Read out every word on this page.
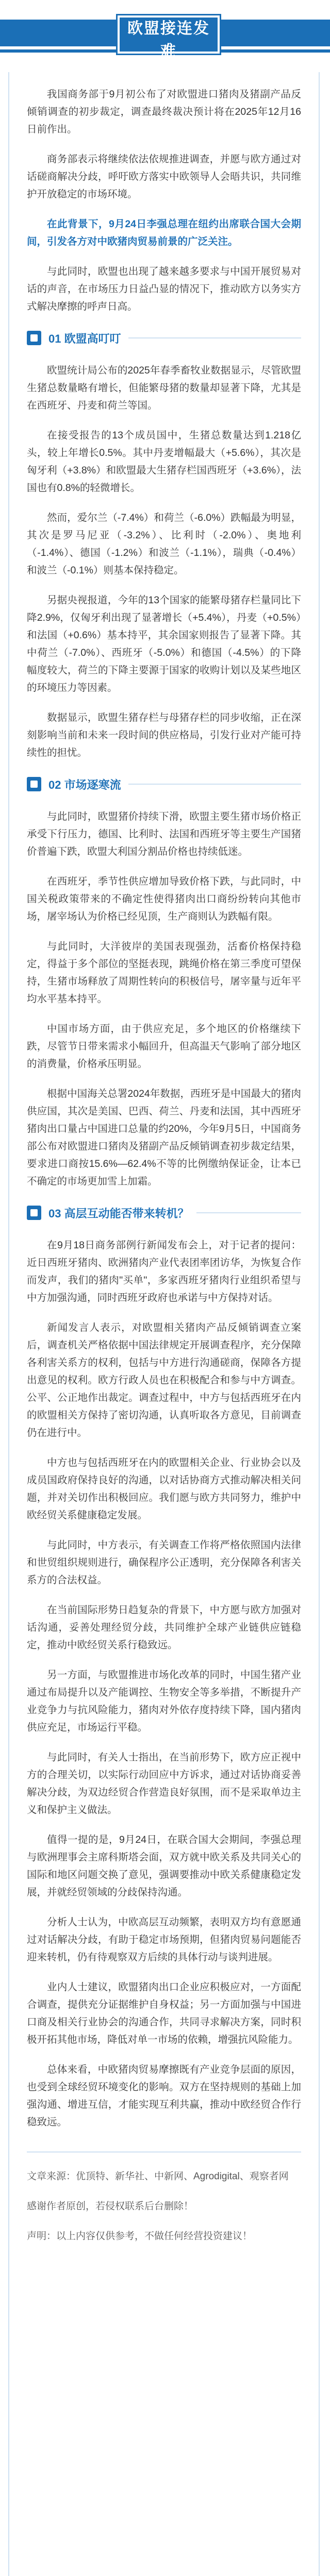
欧盟接连发难
AROUND THE

我国商务部于9月初公布了对欧盟进口猪肉及猪副产品反倾销调查的初步裁定，调查最终裁决预计将在2025年12月16日前作出。

商务部表示将继续依法依规推进调查，并愿与欧方通过对话磋商解决分歧，呼吁欧方落实中欧领导人会晤共识，共同维护开放稳定的市场环境。

在此背景下，9月24日李强总理在纽约出席联合国大会期间，引发各方对中欧猪肉贸易前景的广泛关注。

与此同时，欧盟也出现了越来越多要求与中国开展贸易对话的声音，在市场压力日益凸显的情况下，推动欧方以务实方式解决摩擦的呼声日高。

01 欧盟高叮叮

欧盟统计局公布的2025年春季畜牧业数据显示，尽管欧盟生猪总数量略有增长，但能繁母猪的数量却显著下降，尤其是在西班牙、丹麦和荷兰等国。

在接受报告的13个成员国中，生猪总数量达到1.218亿头，较上年增长0.5%。其中丹麦增幅最大（+5.6%），其次是匈牙利（+3.8%）和欧盟最大生猪存栏国西班牙（+3.6%），法国也有0.8%的轻微增长。

然而，爱尔兰（-7.4%）和荷兰（-6.0%）跌幅最为明显，其次是罗马尼亚（-3.2%）、比利时（-2.0%）、奥地利（-1.4%）、德国（-1.2%）和波兰（-1.1%），瑞典（-0.4%）和波兰（-0.1%）则基本保持稳定。

另据央视报道，今年的13个国家的能繁母猪存栏量同比下降2.9%，仅匈牙利出现了显著增长（+5.4%），丹麦（+0.5%）和法国（+0.6%）基本持平，其余国家则报告了显著下降。其中荷兰（-7.0%）、西班牙（-5.0%）和德国（-4.5%）的下降幅度较大，荷兰的下降主要源于国家的收购计划以及某些地区的环境压力等因素。

数据显示，欧盟生猪存栏与母猪存栏的同步收缩，正在深刻影响当前和未来一段时间的供应格局，引发行业对产能可持续性的担忧。

02 市场逐寒流

与此同时，欧盟猪价持续下滑，欧盟主要生猪市场价格正承受下行压力，德国、比利时、法国和西班牙等主要生产国猪价普遍下跌，欧盟大利国分割品价格也持续低迷。

在西班牙，季节性供应增加导致价格下跌，与此同时，中国关税政策带来的不确定性使得猪肉出口商纷纷转向其他市场，屠宰场认为价格已经见顶，生产商则认为跌幅有限。

与此同时，大洋彼岸的美国表现强劲，活畜价格保持稳定，得益于多个部位的坚挺表现，跳绳价格在第三季度可望保持，生猪市场释放了周期性转向的积极信号，屠宰量与近年平均水平基本持平。

中国市场方面，由于供应充足，多个地区的价格继续下跌，尽管节日带来需求小幅回升，但高温天气影响了部分地区的消费量，价格承压明显。

根据中国海关总署2024年数据，西班牙是中国最大的猪肉供应国，其次是美国、巴西、荷兰、丹麦和法国，其中西班牙猪肉出口量占中国进口总量的约20%，今年9月5日，中国商务部公布对欧盟进口猪肉及猪副产品反倾销调查初步裁定结果，要求进口商按15.6%—62.4%不等的比例缴纳保证金，让本已不确定的市场更加雪上加霜。

03 高层互动能否带来转机？

在9月18日商务部例行新闻发布会上，对于记者的提问：近日西班牙猪肉、欧洲猪肉产业代表团率团访华，为恢复合作而发声，我们的猪肉"买单"，多家西班牙猪肉行业组织希望与中方加强沟通，同时西班牙政府也承诺与中方保持对话。

新闻发言人表示，对欧盟相关猪肉产品反倾销调查立案后，调查机关严格依据中国法律规定开展调查程序，充分保障各利害关系方的权利，包括与中方进行沟通磋商，保障各方提出意见的权利。欧方行政人员也在积极配合和参与中方调查。公平、公正地作出裁定。调查过程中，中方与包括西班牙在内的欧盟相关方保持了密切沟通，认真听取各方意见，目前调查仍在进行中。

中方也与包括西班牙在内的欧盟相关企业、行业协会以及成员国政府保持良好的沟通，以对话协商方式推动解决相关问题，并对关切作出积极回应。我们愿与欧方共同努力，维护中欧经贸关系健康稳定发展。

与此同时，中方表示，有关调查工作将严格依照国内法律和世贸组织规则进行，确保程序公正透明，充分保障各利害关系方的合法权益。

在当前国际形势日趋复杂的背景下，中方愿与欧方加强对话沟通，妥善处理经贸分歧，共同维护全球产业链供应链稳定，推动中欧经贸关系行稳致远。

另一方面，与欧盟推进市场化改革的同时，中国生猪产业通过布局提升以及产能调控、生物安全等多举措，不断提升产业竞争力与抗风险能力，猪肉对外依存度持续下降，国内猪肉供应充足，市场运行平稳。

与此同时，有关人士指出，在当前形势下，欧方应正视中方的合理关切，以实际行动回应中方诉求，通过对话协商妥善解决分歧，为双边经贸合作营造良好氛围，而不是采取单边主义和保护主义做法。

值得一提的是，9月24日，在联合国大会期间，李强总理与欧洲理事会主席科斯塔会面，双方就中欧关系及共同关心的国际和地区问题交换了意见，强调要推动中欧关系健康稳定发展，并就经贸领域的分歧保持沟通。

分析人士认为，中欧高层互动频繁，表明双方均有意愿通过对话解决分歧，有助于稳定市场预期，但猪肉贸易问题能否迎来转机，仍有待观察双方后续的具体行动与谈判进展。

业内人士建议，欧盟猪肉出口企业应积极应对，一方面配合调查，提供充分证据维护自身权益；另一方面加强与中国进口商及相关行业协会的沟通合作，共同寻求解决方案，同时积极开拓其他市场，降低对单一市场的依赖，增强抗风险能力。

总体来看，中欧猪肉贸易摩擦既有产业竞争层面的原因，也受到全球经贸环境变化的影响。双方在坚持规则的基础上加强沟通、增进互信，才能实现互利共赢，推动中欧经贸合作行稳致远。

文章来源：优顶特、新华社、中新网、Agrodigital、观察者网
感谢作者原创，若侵权联系后台删除！
声明：以上内容仅供参考，不做任何经营投资建议！
